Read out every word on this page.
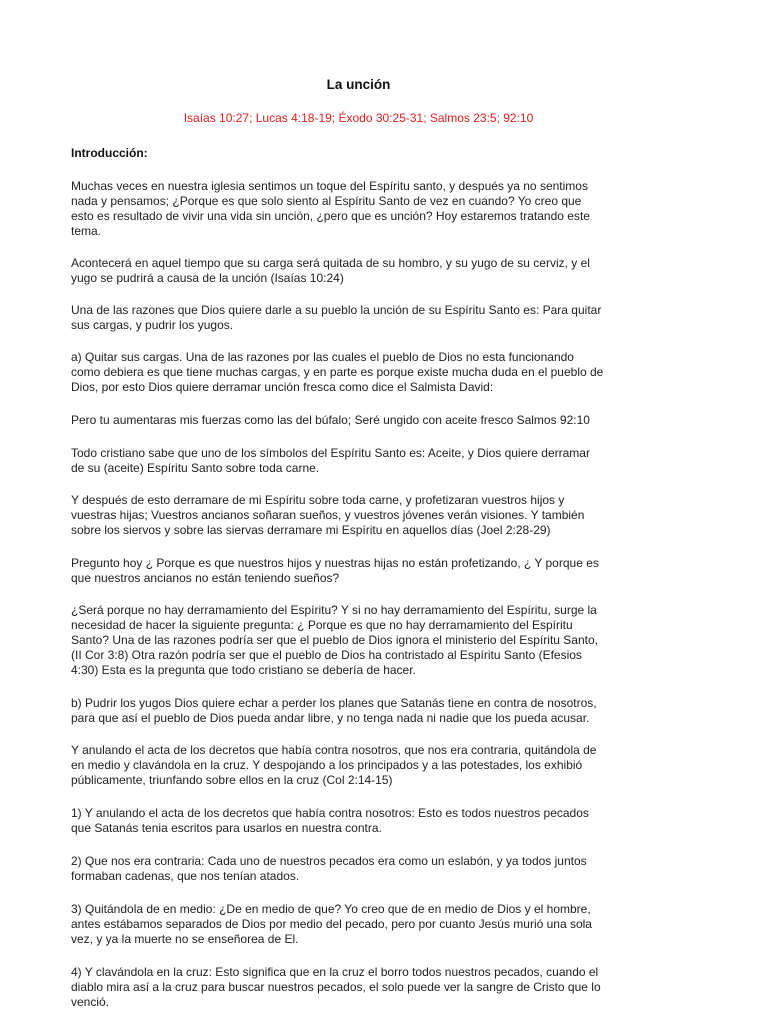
La unción
Isaías 10:27; Lucas 4:18-19; Éxodo 30:25-31; Salmos 23:5; 92:10
Introducción:
Muchas veces en nuestra iglesia sentimos un toque del Espíritu santo, y después ya no sentimos
nada y pensamos; ¿Porque es que solo siento al Espíritu Santo de vez en cuando? Yo creo que
esto es resultado de vivir una vida sin unción, ¿pero que es unción? Hoy estaremos tratando este
tema.
Acontecerá en aquel tiempo que su carga será quitada de su hombro, y su yugo de su cerviz, y el
yugo se pudrirá a causa de la unción (Isaías 10:24)
Una de las razones que Dios quiere darle a su pueblo la unción de su Espíritu Santo es: Para quitar
sus cargas, y pudrir los yugos.
a) Quitar sus cargas. Una de las razones por las cuales el pueblo de Dios no esta funcionando
como debiera es que tiene muchas cargas, y en parte es porque existe mucha duda en el pueblo de
Dios, por esto Dios quiere derramar unción fresca como dice el Salmista David:
Pero tu aumentaras mis fuerzas como las del búfalo; Seré ungido con aceite fresco Salmos 92:10
Todo cristiano sabe que uno de los símbolos del Espíritu Santo es: Aceite, y Dios quiere derramar
de su (aceite) Espíritu Santo sobre toda carne.
Y después de esto derramare de mi Espíritu sobre toda carne, y profetizaran vuestros hijos y
vuestras hijas; Vuestros ancianos soñaran sueños, y vuestros jóvenes verán visiones. Y también
sobre los siervos y sobre las siervas derramare mi Espíritu en aquellos días (Joel 2:28-29)
Pregunto hoy ¿ Porque es que nuestros hijos y nuestras hijas no están profetizando, ¿ Y porque es
que nuestros ancianos no están teniendo sueños?
¿Será porque no hay derramamiento del Espíritu? Y si no hay derramamiento del Espíritu, surge la
necesidad de hacer la siguiente pregunta: ¿ Porque es que no hay derramamiento del Espíritu
Santo? Una de las razones podría ser que el pueblo de Dios ignora el ministerio del Espíritu Santo,
(II Cor 3:8) Otra razón podría ser que el pueblo de Dios ha contristado al Espíritu Santo (Efesios
4:30) Esta es la pregunta que todo cristiano se debería de hacer.
b) Pudrir los yugos Dios quiere echar a perder los planes que Satanás tiene en contra de nosotros,
para que así el pueblo de Dios pueda andar libre, y no tenga nada ni nadie que los pueda acusar.
Y anulando el acta de los decretos que había contra nosotros, que nos era contraria, quitándola de
en medio y clavándola en la cruz. Y despojando a los principados y a las potestades, los exhibió
públicamente, triunfando sobre ellos en la cruz (Col 2:14-15)
1) Y anulando el acta de los decretos que había contra nosotros: Esto es todos nuestros pecados
que Satanás tenia escritos para usarlos en nuestra contra.
2) Que nos era contraria: Cada uno de nuestros pecados era como un eslabón, y ya todos juntos
formaban cadenas, que nos tenían atados.
3) Quitándola de en medio: ¿De en medio de que? Yo creo que de en medio de Dios y el hombre,
antes estábamos separados de Dios por medio del pecado, pero por cuanto Jesús murió una sola
vez, y ya la muerte no se enseñorea de El.
4) Y clavándola en la cruz: Esto significa que en la cruz el borro todos nuestros pecados, cuando el
diablo mira así a la cruz para buscar nuestros pecados, el solo puede ver la sangre de Cristo que lo
venció.
